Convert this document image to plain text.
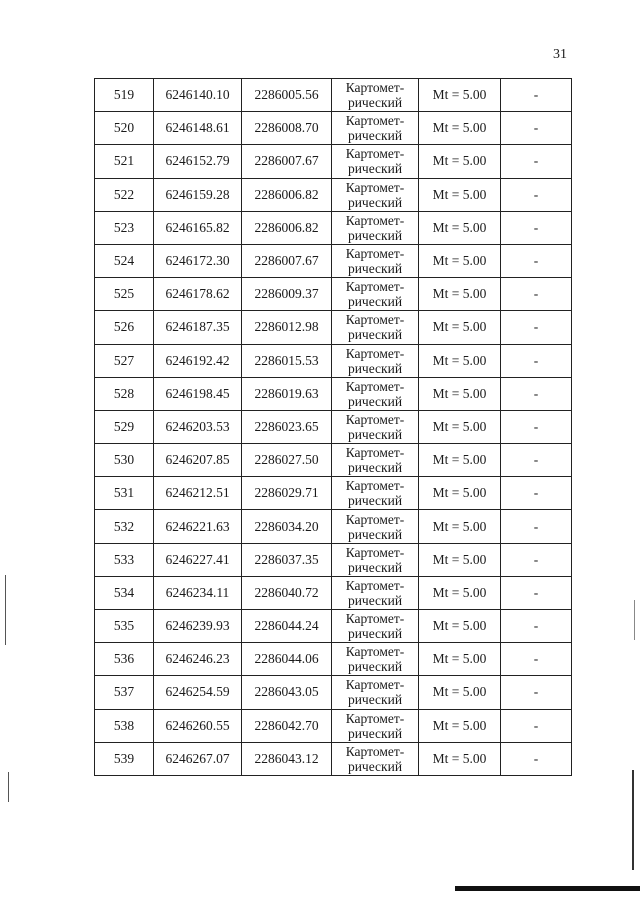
31
519	6246140.10	2286005.56	Картомет-
рический	Mt = 5.00	-
520	6246148.61	2286008.70	Картомет-
рический	Mt = 5.00	-
521	6246152.79	2286007.67	Картомет-
рический	Mt = 5.00	-
522	6246159.28	2286006.82	Картомет-
рический	Mt = 5.00	-
523	6246165.82	2286006.82	Картомет-
рический	Mt = 5.00	-
524	6246172.30	2286007.67	Картомет-
рический	Mt = 5.00	-
525	6246178.62	2286009.37	Картомет-
рический	Mt = 5.00	-
526	6246187.35	2286012.98	Картомет-
рический	Mt = 5.00	-
527	6246192.42	2286015.53	Картомет-
рический	Mt = 5.00	-
528	6246198.45	2286019.63	Картомет-
рический	Mt = 5.00	-
529	6246203.53	2286023.65	Картомет-
рический	Mt = 5.00	-
530	6246207.85	2286027.50	Картомет-
рический	Mt = 5.00	-
531	6246212.51	2286029.71	Картомет-
рический	Mt = 5.00	-
532	6246221.63	2286034.20	Картомет-
рический	Mt = 5.00	-
533	6246227.41	2286037.35	Картомет-
рический	Mt = 5.00	-
534	6246234.11	2286040.72	Картомет-
рический	Mt = 5.00	-
535	6246239.93	2286044.24	Картомет-
рический	Mt = 5.00	-
536	6246246.23	2286044.06	Картомет-
рический	Mt = 5.00	-
537	6246254.59	2286043.05	Картомет-
рический	Mt = 5.00	-
538	6246260.55	2286042.70	Картомет-
рический	Mt = 5.00	-
539	6246267.07	2286043.12	Картомет-
рический	Mt = 5.00	-
